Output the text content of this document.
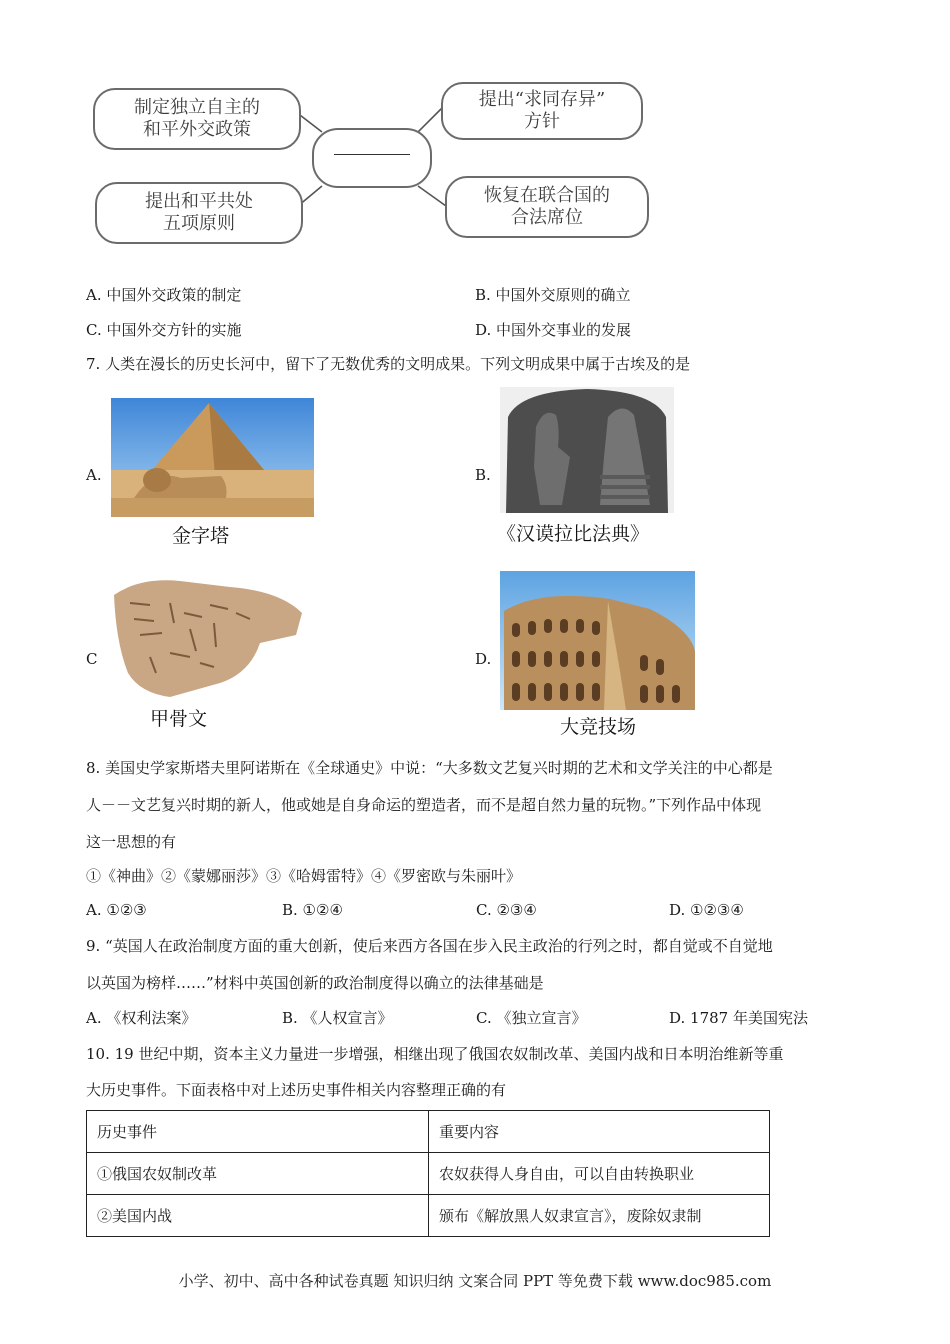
制定独立自主的
和平外交政策
提出“求同存异”
方针
提出和平共处
五项原则
恢复在联合国的
合法席位
A. 中国外交政策的制定	B. 中国外交原则的确立
C. 中国外交方针的实施	D. 中国外交事业的发展
7. 人类在漫长的历史长河中，留下了无数优秀的文明成果。下列文明成果中属于古埃及的是
A.
金字塔
B.
《汉谟拉比法典》
C
甲骨文
D.
大竞技场
8. 美国史学家斯塔夫里阿诺斯在《全球通史》中说：“大多数文艺复兴时期的艺术和文学关注的中心都是
人－－文艺复兴时期的新人，他或她是自身命运的塑造者，而不是超自然力量的玩物。”下列作品中体现
这一思想的有
①《神曲》②《蒙娜丽莎》③《哈姆雷特》④《罗密欧与朱丽叶》
A. ①②③	B. ①②④	C. ②③④	D. ①②③④
9. “英国人在政治制度方面的重大创新，使后来西方各国在步入民主政治的行列之时，都自觉或不自觉地
以英国为榜样……”材料中英国创新的政治制度得以确立的法律基础是
A. 《权利法案》	B. 《人权宣言》	C. 《独立宣言》	D. 1787 年美国宪法
10. 19 世纪中期，资本主义力量进一步增强，相继出现了俄国农奴制改革、美国内战和日本明治维新等重
大历史事件。下面表格中对上述历史事件相关内容整理正确的有
历史事件	重要内容
①俄国农奴制改革	农奴获得人身自由，可以自由转换职业
②美国内战	颁布《解放黑人奴隶宣言》，废除奴隶制
小学、初中、高中各种试卷真题 知识归纳 文案合同 PPT 等免费下载 www.doc985.com
